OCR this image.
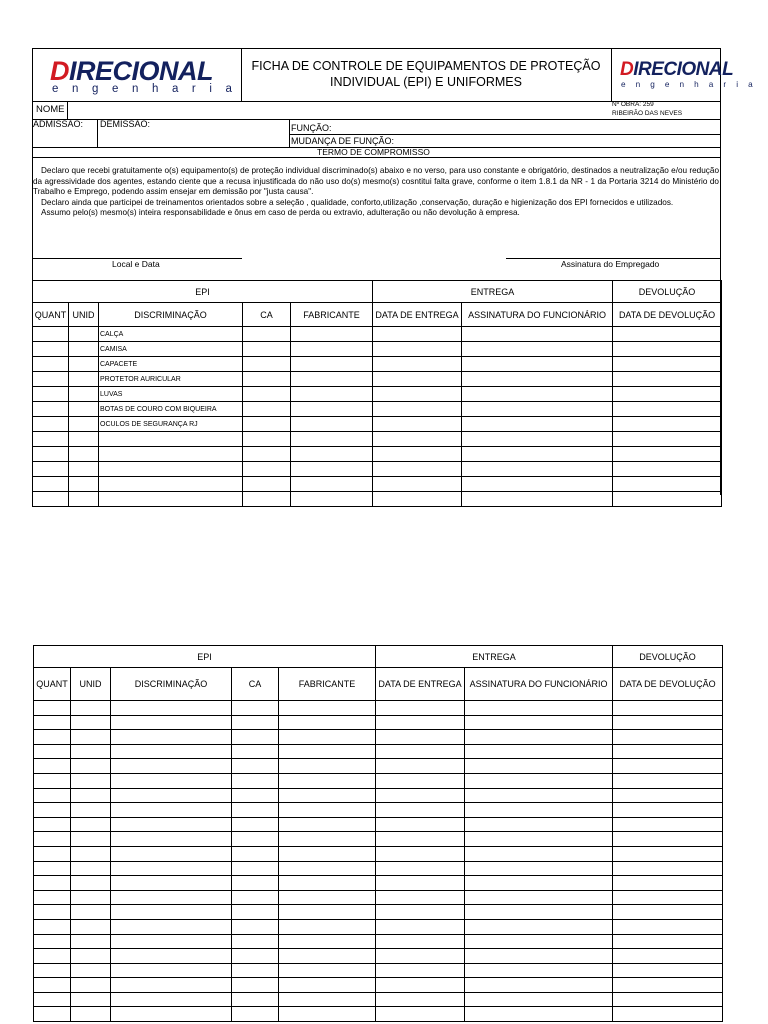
DIRECIONAL
e n g e n h a r i a
FICHA DE CONTROLE DE EQUIPAMENTOS DE PROTEÇÃO
INDIVIDUAL (EPI) E UNIFORMES
DIRECIONAL
e n g e n h a r i a
NOME	Nº OBRA: 259
RIBEIRÃO DAS NEVES
ADMISSÃO: DEMISSÃO:	FUNÇÃO:
MUDANÇA DE FUNÇÃO:
TERMO DE COMPROMISSO
Declaro que recebi gratuitamente o(s) equipamento(s) de proteção individual discriminado(s) abaixo e no verso, para uso constante e obrigatório, destinados a neutralização e/ou redução da agressividade dos agentes, estando ciente que a recusa injustificada do não uso do(s) mesmo(s) cosntitui falta grave, conforme o item 1.8.1 da NR - 1 da Portaria 3214 do Ministério do Trabalho e Emprego, podendo assim ensejar em demissão por "justa causa".
Declaro ainda que participei de treinamentos orientados sobre a seleção , qualidade, conforto,utilização ,conservação, duração e higienização dos EPI fornecidos e utilizados.
Assumo pelo(s) mesmo(s) inteira responsabilidade e ônus em caso de perda ou extravio, adulteração ou não devolução à empresa.
Local e Data	Assinatura do Empregado
EPI					ENTREGA		DEVOLUÇÃO
QUANT	UNID	DISCRIMINAÇÃO	CA	FABRICANTE	DATA DE ENTREGA	ASSINATURA DO FUNCIONÁRIO	DATA DE DEVOLUÇÃO
		CALÇA					
		CAMISA					
		CAPACETE					
		PROTETOR AURICULAR					
		LUVAS					
		BOTAS DE COURO COM BIQUEIRA					
		OCULOS DE SEGURANÇA RJ					

EPI					ENTREGA		DEVOLUÇÃO
QUANT	UNID	DISCRIMINAÇÃO	CA	FABRICANTE	DATA DE ENTREGA	ASSINATURA DO FUNCIONÁRIO	DATA DE DEVOLUÇÃO
